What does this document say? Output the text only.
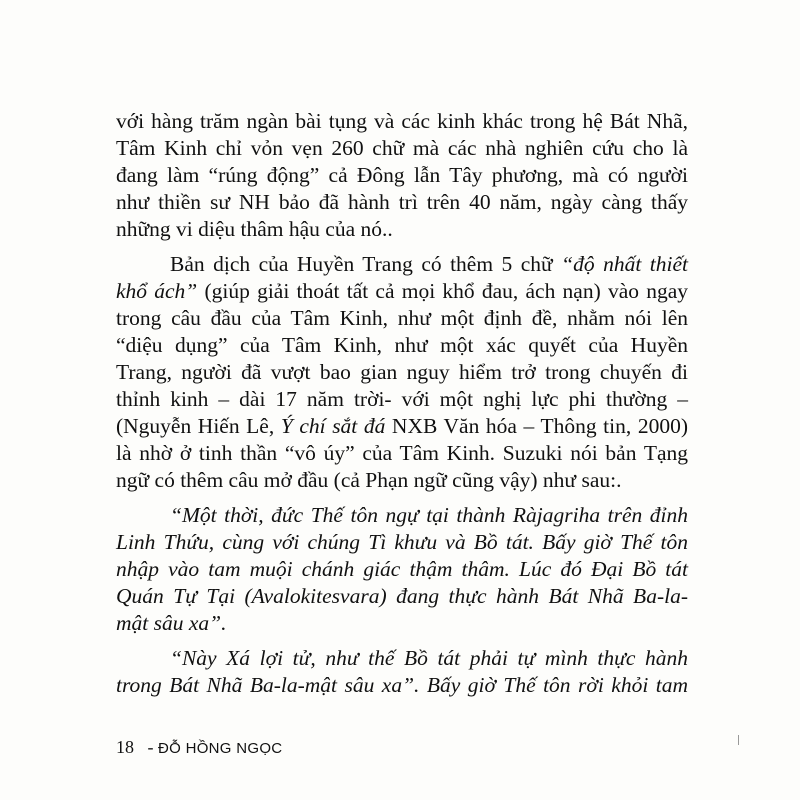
với hàng trăm ngàn bài tụng và các kinh khác trong hệ Bát Nhã,
Tâm Kinh chỉ vỏn vẹn 260 chữ mà các nhà nghiên cứu cho là
đang làm “rúng động” cả Đông lẫn Tây phương, mà có người
như thiền sư NH bảo đã hành trì trên 40 năm, ngày càng thấy
những vi diệu thâm hậu của nó..
Bản dịch của Huyền Trang có thêm 5 chữ “độ nhất thiết
khổ ách” (giúp giải thoát tất cả mọi khổ đau, ách nạn) vào ngay
trong câu đầu của Tâm Kinh, như một định đề, nhằm nói lên
“diệu dụng” của Tâm Kinh, như một xác quyết của Huyền
Trang, người đã vượt bao gian nguy hiểm trở trong chuyến đi
thỉnh kinh – dài 17 năm trời- với một nghị lực phi thường –
(Nguyễn Hiến Lê, Ý chí sắt đá NXB Văn hóa – Thông tin, 2000)
là nhờ ở tinh thần “vô úy” của Tâm Kinh. Suzuki nói bản Tạng
ngữ có thêm câu mở đầu (cả Phạn ngữ cũng vậy) như sau:.
“Một thời, đức Thế tôn ngự tại thành Ràjagriha trên đỉnh
Linh Thứu, cùng với chúng Tì khưu và Bồ tát. Bấy giờ Thế tôn
nhập vào tam muội chánh giác thậm thâm. Lúc đó Đại Bồ tát
Quán Tự Tại (Avalokitesvara) đang thực hành Bát Nhã Ba-la-
mật sâu xa”.
“Này Xá lợi tử, như thế Bồ tát phải tự mình thực hành
trong Bát Nhã Ba-la-mật sâu xa”. Bấy giờ Thế tôn rời khỏi tam
18 - ĐỖ HỒNG NGỌC
